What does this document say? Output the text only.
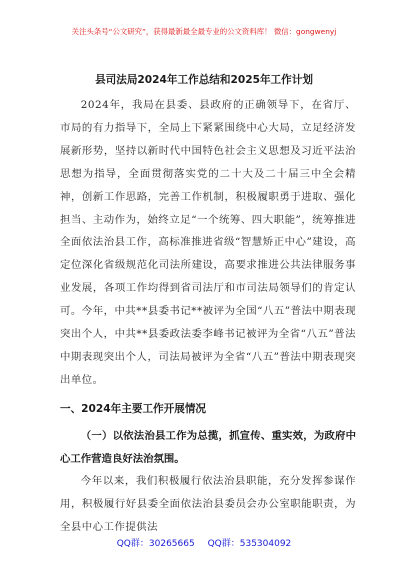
关注头条号“公文研究”，获得最新最全最专业的公文资料库！ 微信：gongwenyj
县司法局2024年工作总结和2025年工作计划
2024年，我局在县委、县政府的正确领导下，在省厅、市局的有力指导下，全局上下紧紧围绕中心大局，立足经济发展新形势，坚持以新时代中国特色社会主义思想及习近平法治思想为指导，全面贯彻落实党的二十大及二十届三中全会精神，创新工作思路，完善工作机制，积极履职勇于进取、强化担当、主动作为，始终立足“一个统筹、四大职能”，统筹推进全面依法治县工作，高标准推进省级“智慧矫正中心”建设，高定位深化省级规范化司法所建设，高要求推进公共法律服务事业发展，各项工作均得到省司法厅和市司法局领导们的肯定认可。今年，中共**县委书记**被评为全国“八五”普法中期表现突出个人，中共**县委政法委李峰书记被评为全省“八五”普法中期表现突出个人，司法局被评为全省“八五”普法中期表现突出单位。
一、2024年主要工作开展情况
（一）以依法治县工作为总揽，抓宣传、重实效，为政府中心工作营造良好法治氛围。
今年以来，我们积极履行依法治县职能，充分发挥参谋作用，积极履行好县委全面依法治县委员会办公室职能职责，为全县中心工作提供法
QQ群：30265665 QQ群：535304092
